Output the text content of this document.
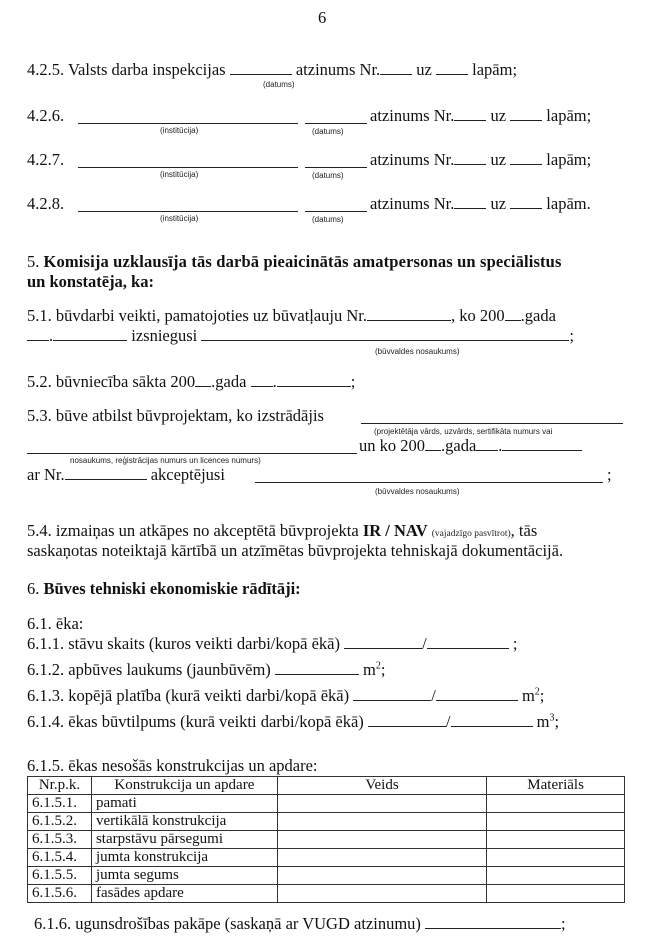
6
4.2.5. Valsts darba inspekcijas	atzinums Nr. uz lapām;
(datums)
4.2.6.	atzinums Nr. uz lapām;
(institūcija)	(datums)
4.2.7.	atzinums Nr. uz lapām;
(institūcija)	(datums)
4.2.8.	atzinums Nr. uz lapām.
(institūcija)	(datums)
5. Komisija uzklausīja tās darbā pieaicinātās amatpersonas un speciālistus
un konstatēja, ka:
5.1. būvdarbi veikti, pamatojoties uz būvatļauju Nr.	, ko 200 .gada
.	izsniegusi	;
(būvvaldes nosaukums)
5.2. būvniecība sākta 200 .gada .	;
5.3. būve atbilst būvprojektam, ko izstrādājis
(projektētāja vārds, uzvārds, sertifikāta numurs vai
un ko 200 .gada .
nosaukums, reģistrācijas numurs un licences numurs)
ar Nr.	akceptējusi	;
(būvvaldes nosaukums)
5.4. izmaiņas un atkāpes no akceptētā būvprojekta IR / NAV (vajadzīgo pasvītrot), tās
saskaņotas noteiktajā kārtībā un atzīmētas būvprojekta tehniskajā dokumentācijā.
6. Būves tehniski ekonomiskie rādītāji:
6.1. ēka:
6.1.1. stāvu skaits (kuros veikti darbi/kopā ēkā)	/	;
6.1.2. apbūves laukums (jaunbūvēm)	$m^2$;
6.1.3. kopējā platība (kurā veikti darbi/kopā ēkā)	/	$m^2$;
6.1.4. ēkas būvtilpums (kurā veikti darbi/kopā ēkā)	/	$m^3$;
6.1.5. ēkas nesošās konstrukcijas un apdare:
Nr.p.k.	Konstrukcija un apdare	Veids	Materiāls
6.1.5.1.	pamati		
6.1.5.2.	vertikālā konstrukcija		
6.1.5.3.	starpstāvu pārsegumi		
6.1.5.4.	jumta konstrukcija		
6.1.5.5.	jumta segums		
6.1.5.6.	fasādes apdare		
6.1.6. ugunsdrošības pakāpe (saskaņā ar VUGD atzinumu)	;
